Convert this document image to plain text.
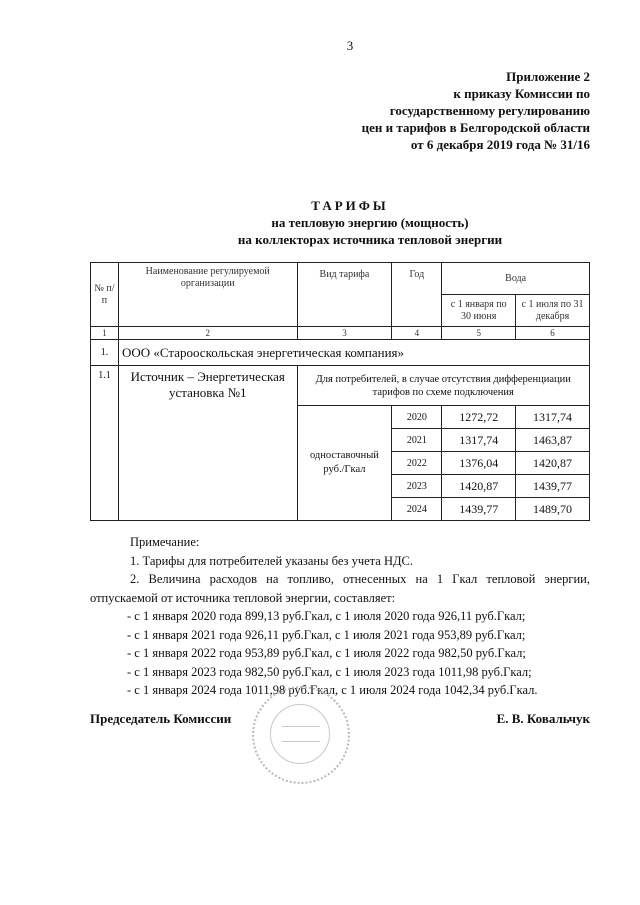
3
Приложение 2
к приказу Комиссии по
государственному регулированию
цен и тарифов в Белгородской области
от 6 декабря 2019 года № 31/16
ТАРИФЫ
на тепловую энергию (мощность)
на коллекторах источника тепловой энергии
№ п/п	Наименование регулируемой организации	Вид тарифа	Год	Вода	
				с 1 января по 30 июня	с 1 июля по 31 декабря
1	2	3	4	5	6
1.	ООО «Старооскольская энергетическая компания»				
1.1	Источник – Энергетическая установка №1	Для потребителей, в случае отсутствия дифференциации тарифов по схеме подключения			
		одноставочный руб./Гкал	2020	1272,72	1317,74
			2021	1317,74	1463,87
			2022	1376,04	1420,87
			2023	1420,87	1439,77
			2024	1439,77	1489,70

Примечание:

1. Тарифы для потребителей указаны без учета НДС.

2. Величина расходов на топливо, отнесенных на 1 Гкал тепловой энергии,

отпускаемой от источника тепловой энергии, составляет:

- с 1 января 2020 года 899,13 руб.Гкал, с 1 июля 2020 года 926,11 руб.Гкал;

- с 1 января 2021 года 926,11 руб.Гкал, с 1 июля 2021 года 953,89 руб.Гкал;

- с 1 января 2022 года 953,89 руб.Гкал, с 1 июля 2022 года 982,50 руб.Гкал;

- с 1 января 2023 года 982,50 руб.Гкал, с 1 июля 2023 года 1011,98 руб.Гкал;

- с 1 января 2024 года 1011,98 руб.Гкал, с 1 июля 2024 года 1042,34 руб.Гкал.

Председатель Комиссии	Е. В. Ковальчук
